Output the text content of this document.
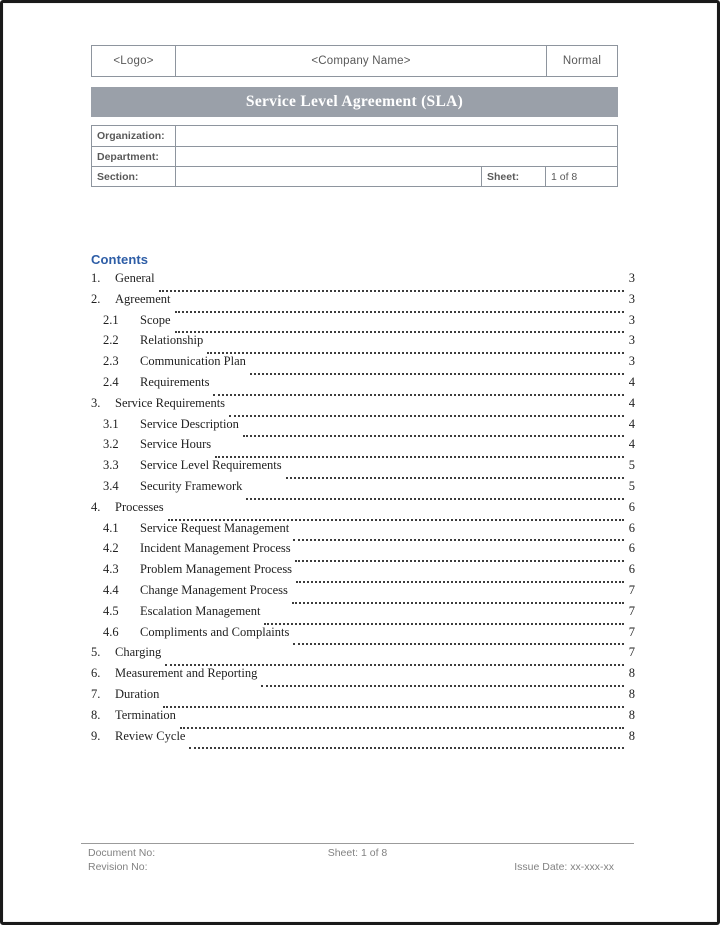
<Logo>	<Company Name>	Normal
Service Level Agreement (SLA)
Organization:
Department:
Section:	Sheet:	1 of 8
Contents
1.	General	3
2.	Agreement	3
2.1	Scope	3
2.2	Relationship	3
2.3	Communication Plan	3
2.4	Requirements	4
3.	Service Requirements	4
3.1	Service Description	4
3.2	Service Hours	4
3.3	Service Level Requirements	5
3.4	Security Framework	5
4.	Processes	6
4.1	Service Request Management	6
4.2	Incident Management Process	6
4.3	Problem Management Process	6
4.4	Change Management Process	7
4.5	Escalation Management	7
4.6	Compliments and Complaints	7
5.	Charging	7
6.	Measurement and Reporting	8
7.	Duration	8
8.	Termination	8
9.	Review Cycle	8
Document No:	Sheet: 1 of 8
Revision No:	Issue Date: xx-xxx-xx
